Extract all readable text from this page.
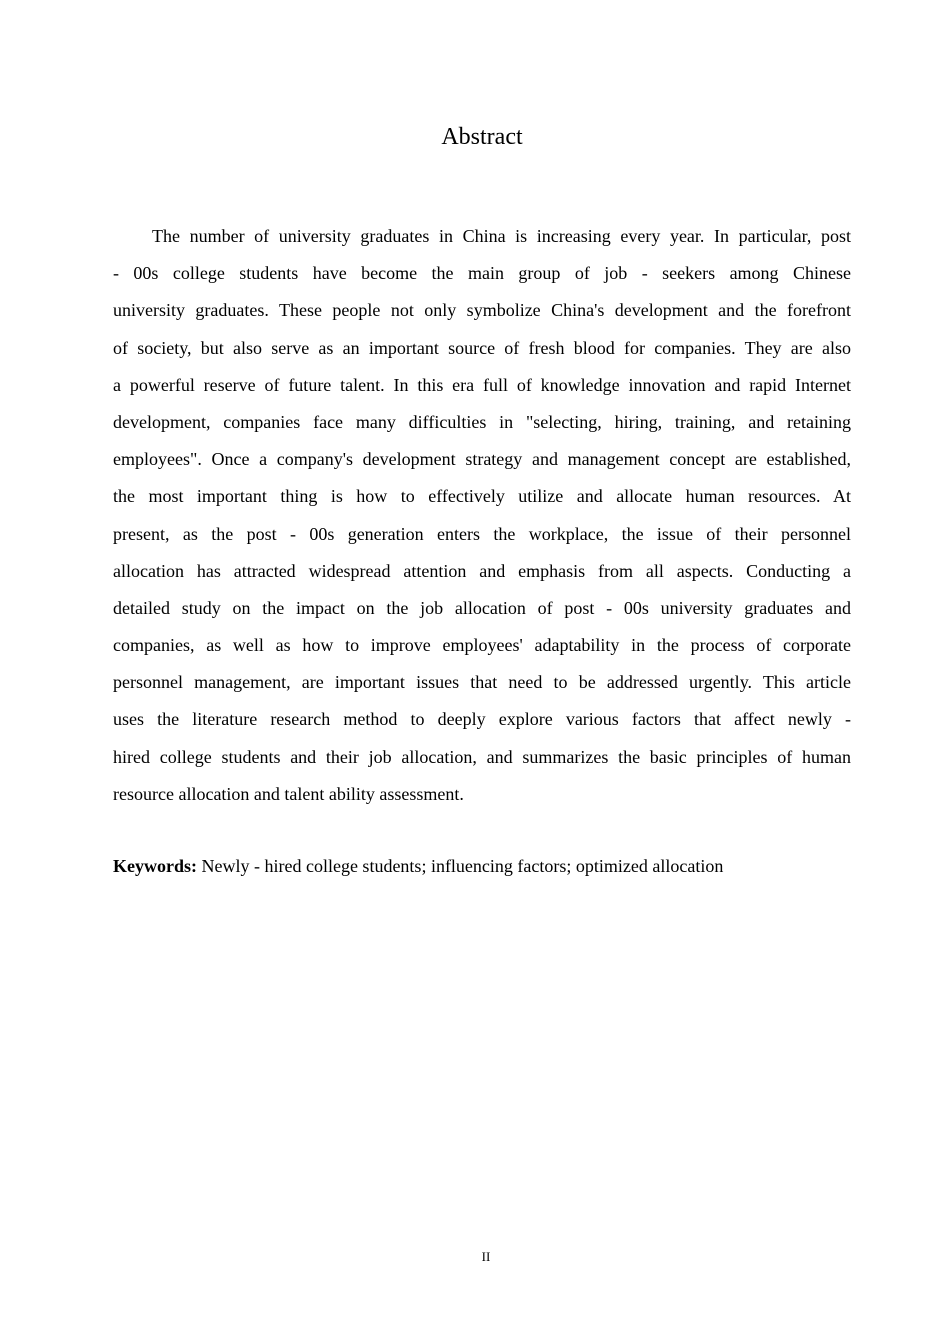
Abstract
The number of university graduates in China is increasing every year. In particular, post
- 00s college students have become the main group of job - seekers among Chinese
university graduates. These people not only symbolize China's development and the forefront
of society, but also serve as an important source of fresh blood for companies. They are also
a powerful reserve of future talent. In this era full of knowledge innovation and rapid Internet
development, companies face many difficulties in "selecting, hiring, training, and retaining
employees". Once a company's development strategy and management concept are established,
the most important thing is how to effectively utilize and allocate human resources. At
present, as the post - 00s generation enters the workplace, the issue of their personnel
allocation has attracted widespread attention and emphasis from all aspects. Conducting a
detailed study on the impact on the job allocation of post - 00s university graduates and
companies, as well as how to improve employees' adaptability in the process of corporate
personnel management, are important issues that need to be addressed urgently. This article
uses the literature research method to deeply explore various factors that affect newly -
hired college students and their job allocation, and summarizes the basic principles of human
resource allocation and talent ability assessment.
Keywords: Newly - hired college students; influencing factors; optimized allocation
II
